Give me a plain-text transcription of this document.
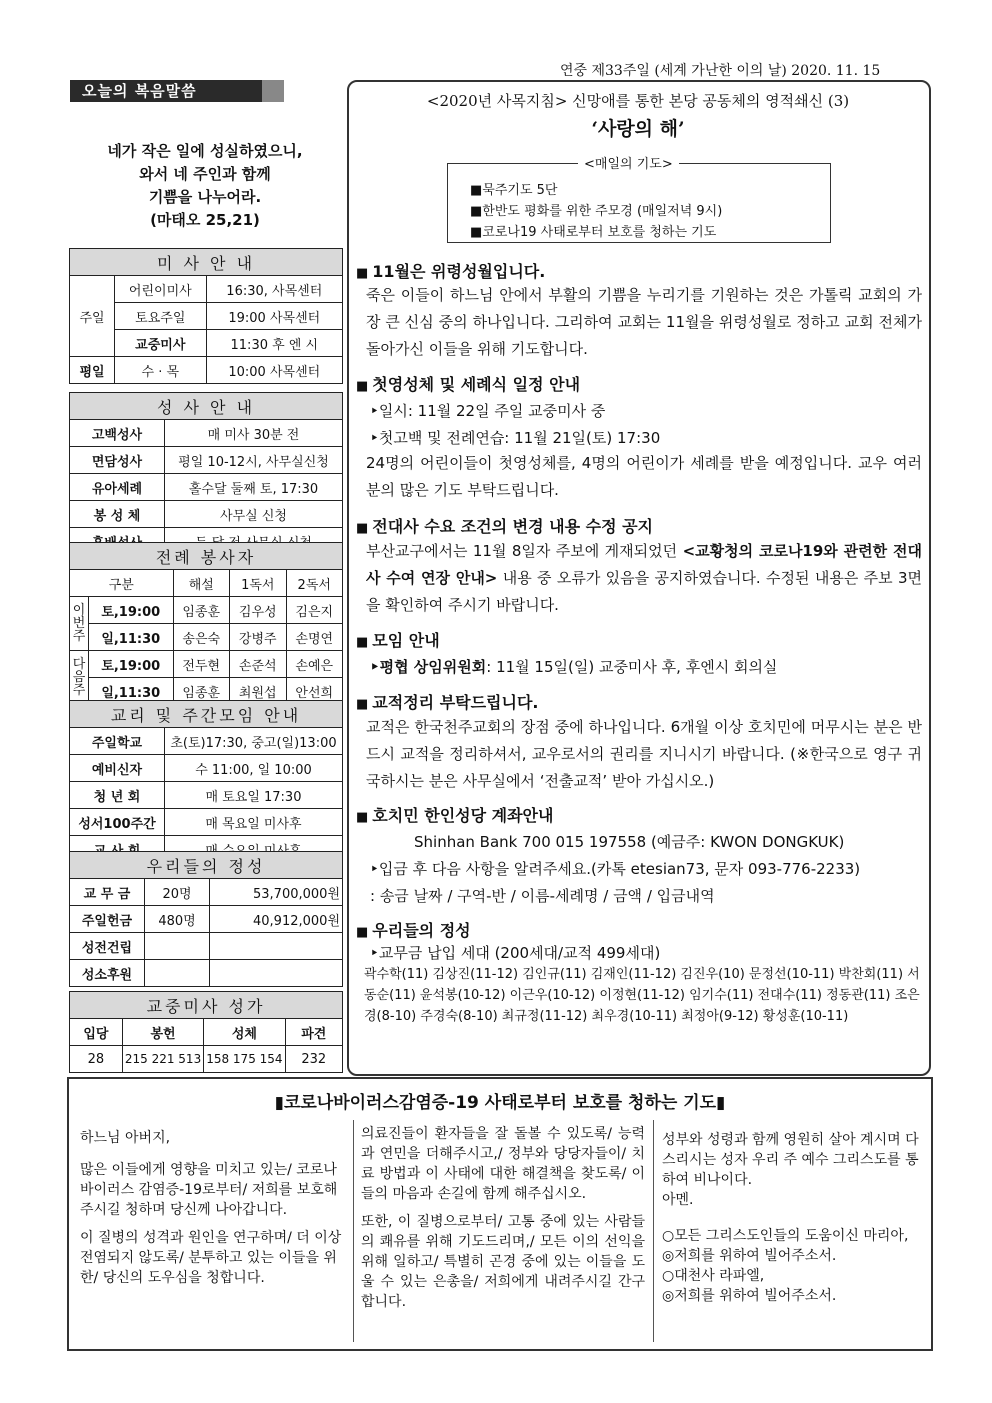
연중 제33주일 (세계 가난한 이의 날) 2020. 11. 15
오늘의 복음말씀
네가 작은 일에 성실하였으니,
와서 네 주인과 함께
기쁨을 나누어라.
(마태오 25,21)
미 사 안 내		
주일	어린이미사	16:30, 사목센터
	토요주일	19:00 사목센터
	교중미사	11:30 후 엔 시
평일	수 · 목	10:00 사목센터
성 사 안 내	
고백성사	매 미사 30분 전
면담성사	평일 10-12시, 사무실신청
유아세례	홀수달 둘째 토, 17:30
봉 성 체	사무실 신청

전례 봉사자				
구분		해설	1독서	2독서
이번주	토,19:00	임종훈	김우성	김은지
	일,11:30	송은숙	강병주	손명연
다음주	토,19:00	전두현	손준석	손예은
	일,11:30	임종훈	최원섭	안선희
교리 및 주간모임 안내	
주일학교	초(토)17:30, 중고(일)13:00
예비신자	수 11:00, 일 10:00
청 년 회	매 토요일 17:30
성서100주간	매 목요일 미사후

우리들의 정성		
교 무 금	20명	53,700,000원
주일헌금	480명	40,912,000원
성전건립		
성소후원		
교중미사 성가			
입당	봉헌	성체	파견
28	215 221 513	158 175 154	232
<2020년 사목지침> 신망애를 통한 본당 공동체의 영적쇄신 (3)
‘사랑의 해’
<매일의 기도>
■묵주기도 5단
■한반도 평화를 위한 주모경 (매일저녁 9시)
■코로나19 사태로부터 보호를 청하는 기도
■ 11월은 위령성월입니다.
죽은 이들이 하느님 안에서 부활의 기쁨을 누리기를 기원하는 것은 가톨릭 교회의 가장 큰 신심 중의 하나입니다. 그리하여 교회는 11월을 위령성월로 정하고 교회 전체가 돌아가신 이들을 위해 기도합니다.
■ 첫영성체 및 세례식 일정 안내
‣일시: 11월 22일 주일 교중미사 중
‣첫고백 및 전례연습: 11월 21일(토) 17:30
24명의 어린이들이 첫영성체를, 4명의 어린이가 세례를 받을 예정입니다. 교우 여러분의 많은 기도 부탁드립니다.
■ 전대사 수요 조건의 변경 내용 수정 공지
부산교구에서는 11월 8일자 주보에 게재되었던 <교황청의 코로나19와 관련한 전대사 수여 연장 안내> 내용 중 오류가 있음을 공지하였습니다. 수정된 내용은 주보 3면을 확인하여 주시기 바랍니다.
■ 모임 안내
‣평협 상임위원회: 11월 15일(일) 교중미사 후, 후엔시 회의실
■ 교적정리 부탁드립니다.
교적은 한국천주교회의 장점 중에 하나입니다. 6개월 이상 호치민에 머무시는 분은 반드시 교적을 정리하셔서, 교우로서의 권리를 지니시기 바랍니다. (※한국으로 영구 귀국하시는 분은 사무실에서 ‘전출교적’ 받아 가십시오.)
■ 호치민 한인성당 계좌안내
Shinhan Bank 700 015 197558 (예금주: KWON DONGKUK)
‣입금 후 다음 사항을 알려주세요.(카톡 etesian73, 문자 093-776-2233)
: 송금 날짜 / 구역-반 / 이름-세례명 / 금액 / 입금내역
■ 우리들의 정성
‣교무금 납입 세대 (200세대/교적 499세대)
곽수학(11) 김상진(11-12) 김인규(11) 김재인(11-12) 김진우(10) 문정선(10-11) 박찬회(11) 서동순(11) 윤석봉(10-12) 이근우(10-12) 이정현(11-12) 임기수(11) 전대수(11) 정동관(11) 조은경(8-10) 주경숙(8-10) 최규정(11-12) 최우경(10-11) 최정아(9-12) 황성훈(10-11)
▮코로나바이러스감염증-19 사태로부터 보호를 청하는 기도▮
하느님 아버지,
많은 이들에게 영향을 미치고 있는/ 코로나 바이러스 감염증-19로부터/ 저희를 보호해주시길 청하며 당신께 나아갑니다.
이 질병의 성격과 원인을 연구하며/ 더 이상 전염되지 않도록/ 분투하고 있는 이들을 위한/ 당신의 도우심을 청합니다.
의료진들이 환자들을 잘 돌볼 수 있도록/ 능력과 연민을 더해주시고,/ 정부와 당당자들이/ 치료 방법과 이 사태에 대한 해결책을 찾도록/ 이들의 마음과 손길에 함께 해주십시오.
또한, 이 질병으로부터/ 고통 중에 있는 사람들의 쾌유를 위해 기도드리며,/ 모든 이의 선익을 위해 일하고/ 특별히 곤경 중에 있는 이들을 도울 수 있는 은총을/ 저희에게 내려주시길 간구합니다.
성부와 성령과 함께 영원히 살아 계시며 다스리시는 성자 우리 주 예수 그리스도를 통하여 비나이다.
아멘.
○모든 그리스도인들의 도움이신 마리아,
◎저희를 위하여 빌어주소서.
○대천사 라파엘,
◎저희를 위하여 빌어주소서.
